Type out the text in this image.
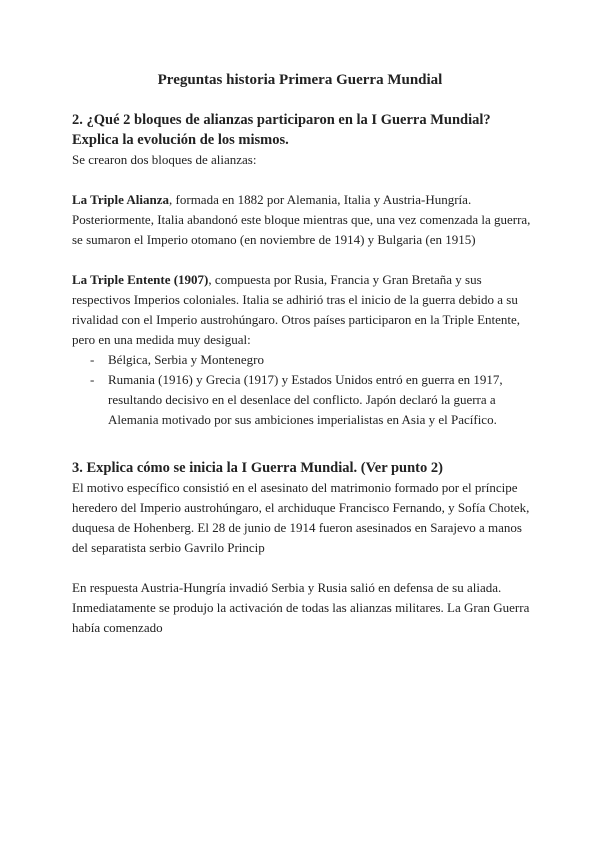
Preguntas historia Primera Guerra Mundial
2. ¿Qué 2 bloques de alianzas participaron en la I Guerra Mundial?
Explica la evolución de los mismos.

Se crearon dos bloques de alianzas:

La Triple Alianza, formada en 1882 por Alemania, Italia y Austria-Hungría. Posteriormente, Italia abandonó este bloque mientras que, una vez comenzada la guerra, se sumaron el Imperio otomano (en noviembre de 1914) y Bulgaria (en 1915)

La Triple Entente (1907), compuesta por Rusia, Francia y Gran Bretaña y sus respectivos Imperios coloniales. Italia se adhirió tras el inicio de la guerra debido a su rivalidad con el Imperio austrohúngaro. Otros países participaron en la Triple Entente, pero en una medida muy desigual:

- Bélgica, Serbia y Montenegro
- Rumania (1916) y Grecia (1917) y Estados Unidos entró en guerra en 1917, resultando decisivo en el desenlace del conflicto. Japón declaró la guerra a Alemania motivado por sus ambiciones imperialistas en Asia y el Pacífico.
3. Explica cómo se inicia la I Guerra Mundial. (Ver punto 2)

El motivo específico consistió en el asesinato del matrimonio formado por el príncipe heredero del Imperio austrohúngaro, el archiduque Francisco Fernando, y Sofía Chotek, duquesa de Hohenberg. El 28 de junio de 1914 fueron asesinados en Sarajevo a manos del separatista serbio Gavrilo Princip

En respuesta Austria-Hungría invadió Serbia y Rusia salió en defensa de su aliada. Inmediatamente se produjo la activación de todas las alianzas militares. La Gran Guerra había comenzado
